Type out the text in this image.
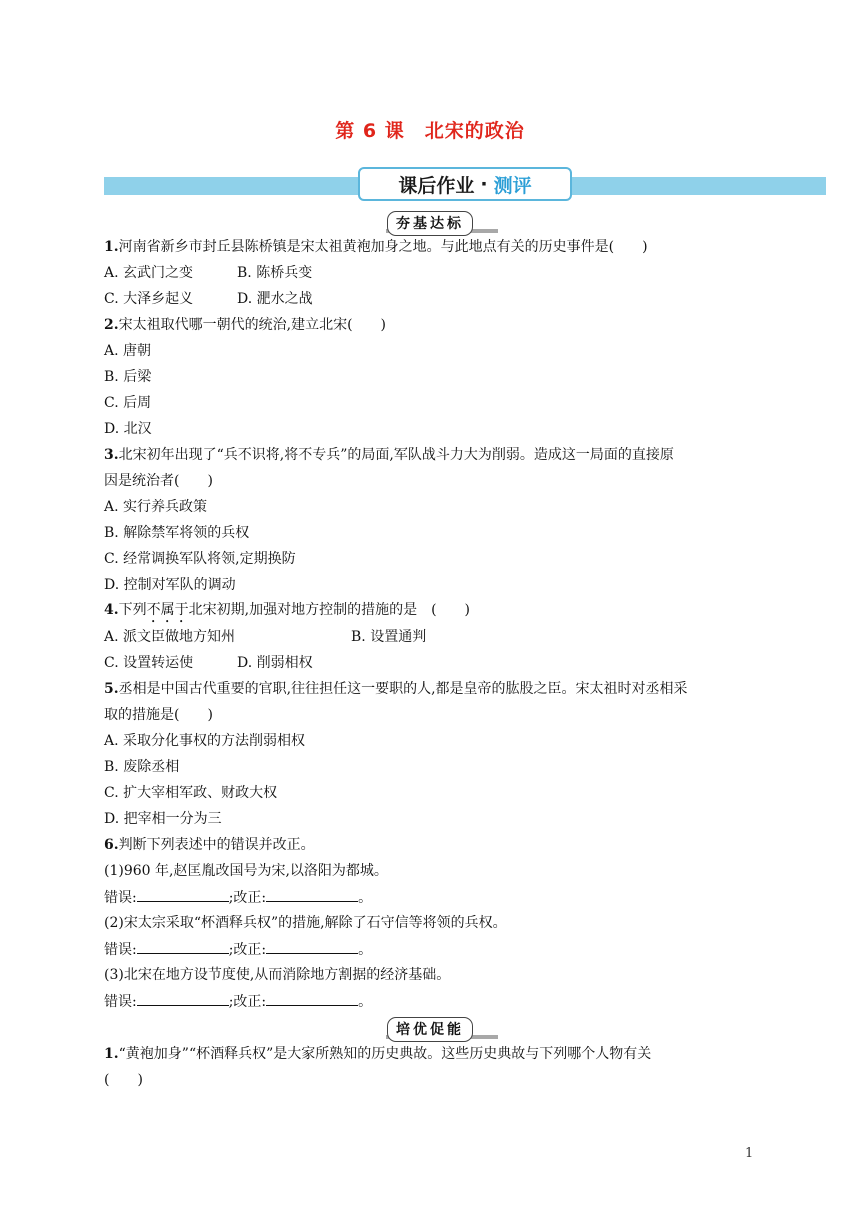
第 6 课　北宋的政治
课后作业 · 测评
夯基达标
1.河南省新乡市封丘县陈桥镇是宋太祖黄袍加身之地。与此地点有关的历史事件是(　　)
A. 玄武门之变	B. 陈桥兵变
C. 大泽乡起义	D. 淝水之战
2.宋太祖取代哪一朝代的统治,建立北宋(　　)
A. 唐朝
B. 后梁
C. 后周
D. 北汉
3.北宋初年出现了“兵不识将,将不专兵”的局面,军队战斗力大为削弱。造成这一局面的直接原
因是统治者(　　)
A. 实行养兵政策
B. 解除禁军将领的兵权
C. 经常调换军队将领,定期换防
D. 控制对军队的调动
4.下列不属于北宋初期,加强对地方控制的措施的是　(　　)
A. 派文臣做地方知州	B. 设置通判
C. 设置转运使	D. 削弱相权
5.丞相是中国古代重要的官职,往往担任这一要职的人,都是皇帝的肱股之臣。宋太祖时对丞相采
取的措施是(　　)
A. 采取分化事权的方法削弱相权
B. 废除丞相
C. 扩大宰相军政、财政大权
D. 把宰相一分为三
6.判断下列表述中的错误并改正。
(1)960 年,赵匡胤改国号为宋,以洛阳为都城。
错误:	;改正:	。
(2)宋太宗采取“杯酒释兵权”的措施,解除了石守信等将领的兵权。
错误:	;改正:	。
(3)北宋在地方设节度使,从而消除地方割据的经济基础。
错误:	;改正:	。
培优促能
1.“黄袍加身”“杯酒释兵权”是大家所熟知的历史典故。这些历史典故与下列哪个人物有关
(　　)
1
